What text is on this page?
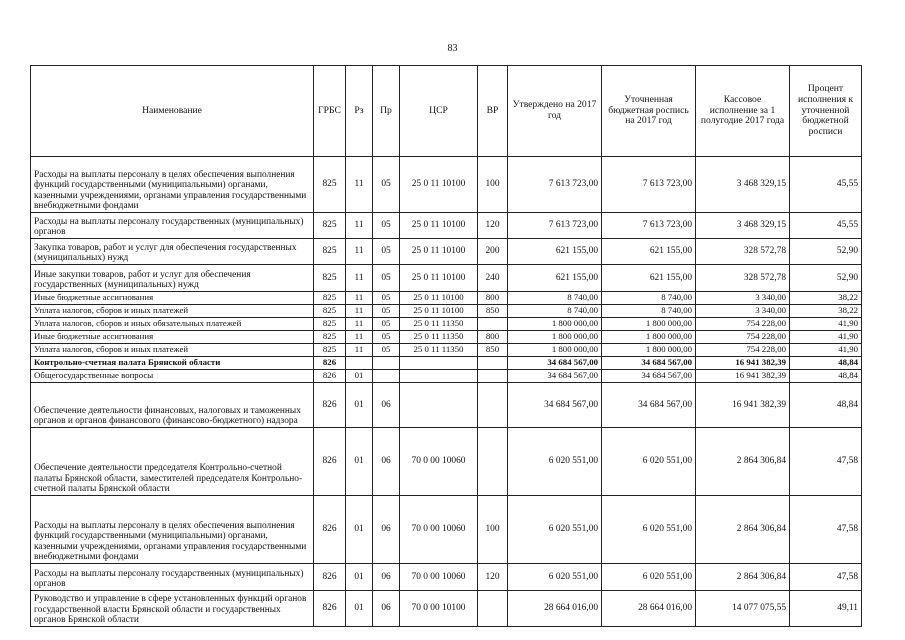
83
Наименование	ГРБС	Рз	Пр	ЦСР	ВР	Утверждено на 2017 год	Уточненная бюджетная роспись на 2017 год	Кассовое исполнение за 1 полугодие 2017 года	Процент исполнения к уточненной бюджетной росписи
Расходы на выплаты персоналу в целях обеспечения выполнения функций государственными (муниципальными) органами, казенными учреждениями, органами управления государственными внебюджетными фондами	825	11	05	25 0 11 10100	100	7 613 723,00	7 613 723,00	3 468 329,15	45,55
Расходы на выплаты персоналу государственных (муниципальных) органов	825	11	05	25 0 11 10100	120	7 613 723,00	7 613 723,00	3 468 329,15	45,55
Закупка товаров, работ и услуг для обеспечения государственных (муниципальных) нужд	825	11	05	25 0 11 10100	200	621 155,00	621 155,00	328 572,78	52,90
Иные закупки товаров, работ и услуг для обеспечения государственных (муниципальных) нужд	825	11	05	25 0 11 10100	240	621 155,00	621 155,00	328 572,78	52,90
Иные бюджетные ассигнования	825	11	05	25 0 11 10100	800	8 740,00	8 740,00	3 340,00	38,22
Уплата налогов, сборов и иных платежей	825	11	05	25 0 11 10100	850	8 740,00	8 740,00	3 340,00	38,22
Уплата налогов, сборов и иных обязательных платежей	825	11	05	25 0 11 11350		1 800 000,00	1 800 000,00	754 228,00	41,90
Иные бюджетные ассигнования	825	11	05	25 0 11 11350	800	1 800 000,00	1 800 000,00	754 228,00	41,90
Уплата налогов, сборов и иных платежей	825	11	05	25 0 11 11350	850	1 800 000,00	1 800 000,00	754 228,00	41,90
Контрольно-счетная палата Брянской области	826					34 684 567,00	34 684 567,00	16 941 382,39	48,84
Общегосударственные вопросы	826	01				34 684 567,00	34 684 567,00	16 941 382,39	48,84
Обеспечение деятельности финансовых, налоговых и таможенных органов и органов финансового (финансово-бюджетного) надзора	826	01	06			34 684 567,00	34 684 567,00	16 941 382,39	48,84
Обеспечение деятельности председателя Контрольно-счетной палаты Брянской области, заместителей председателя Контрольно-счетной палаты Брянской области	826	01	06	70 0 00 10060		6 020 551,00	6 020 551,00	2 864 306,84	47,58
Расходы на выплаты персоналу в целях обеспечения выполнения функций государственными (муниципальными) органами, казенными учреждениями, органами управления государственными внебюджетными фондами	826	01	06	70 0 00 10060	100	6 020 551,00	6 020 551,00	2 864 306,84	47,58
Расходы на выплаты персоналу государственных (муниципальных) органов	826	01	06	70 0 00 10060	120	6 020 551,00	6 020 551,00	2 864 306,84	47,58
Руководство и управление в сфере установленных функций органов государственной власти Брянской области и государственных органов Брянской области	826	01	06	70 0 00 10100		28 664 016,00	28 664 016,00	14 077 075,55	49,11
